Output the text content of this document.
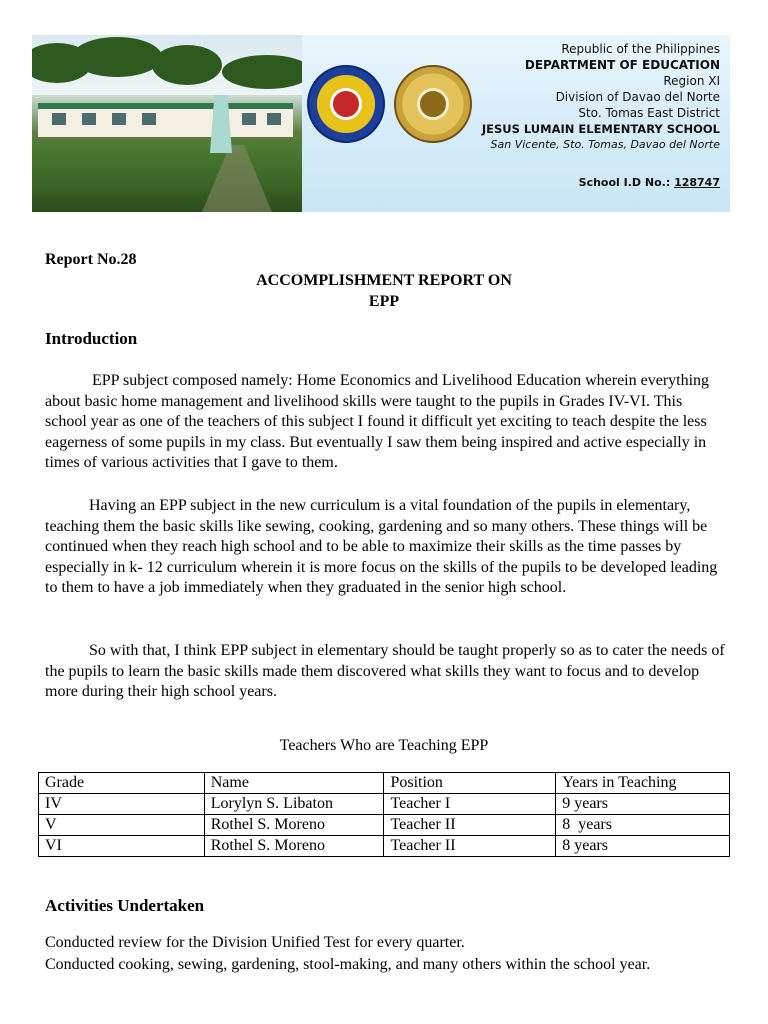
Republic of the Philippines
DEPARTMENT OF EDUCATION
Region XI
Division of Davao del Norte
Sto. Tomas East District
JESUS LUMAIN ELEMENTARY SCHOOL
San Vicente, Sto. Tomas, Davao del Norte
School I.D No.: 128747
Report No.28
ACCOMPLISHMENT REPORT ON
EPP
Introduction
EPP subject composed namely: Home Economics and Livelihood Education wherein everything about basic home management and livelihood skills were taught to the pupils in Grades IV-VI. This school year as one of the teachers of this subject I found it difficult yet exciting to teach despite the less eagerness of some pupils in my class. But eventually I saw them being inspired and active especially in times of various activities that I gave to them.
Having an EPP subject in the new curriculum is a vital foundation of the pupils in elementary, teaching them the basic skills like sewing, cooking, gardening and so many others. These things will be continued when they reach high school and to be able to maximize their skills as the time passes by especially in k- 12 curriculum wherein it is more focus on the skills of the pupils to be developed leading to them to have a job immediately when they graduated in the senior high school.
So with that, I think EPP subject in elementary should be taught properly so as to cater the needs of the pupils to learn the basic skills made them discovered what skills they want to focus and to develop more during their high school years.
Teachers Who are Teaching EPP
Grade	Name	Position	Years in Teaching
IV	Lorylyn S. Libaton	Teacher I	9 years
V	Rothel S. Moreno	Teacher II	8  years
VI	Rothel S. Moreno	Teacher II	8 years
Activities Undertaken
Conducted review for the Division Unified Test for every quarter.
Conducted cooking, sewing, gardening, stool-making, and many others within the school year.
